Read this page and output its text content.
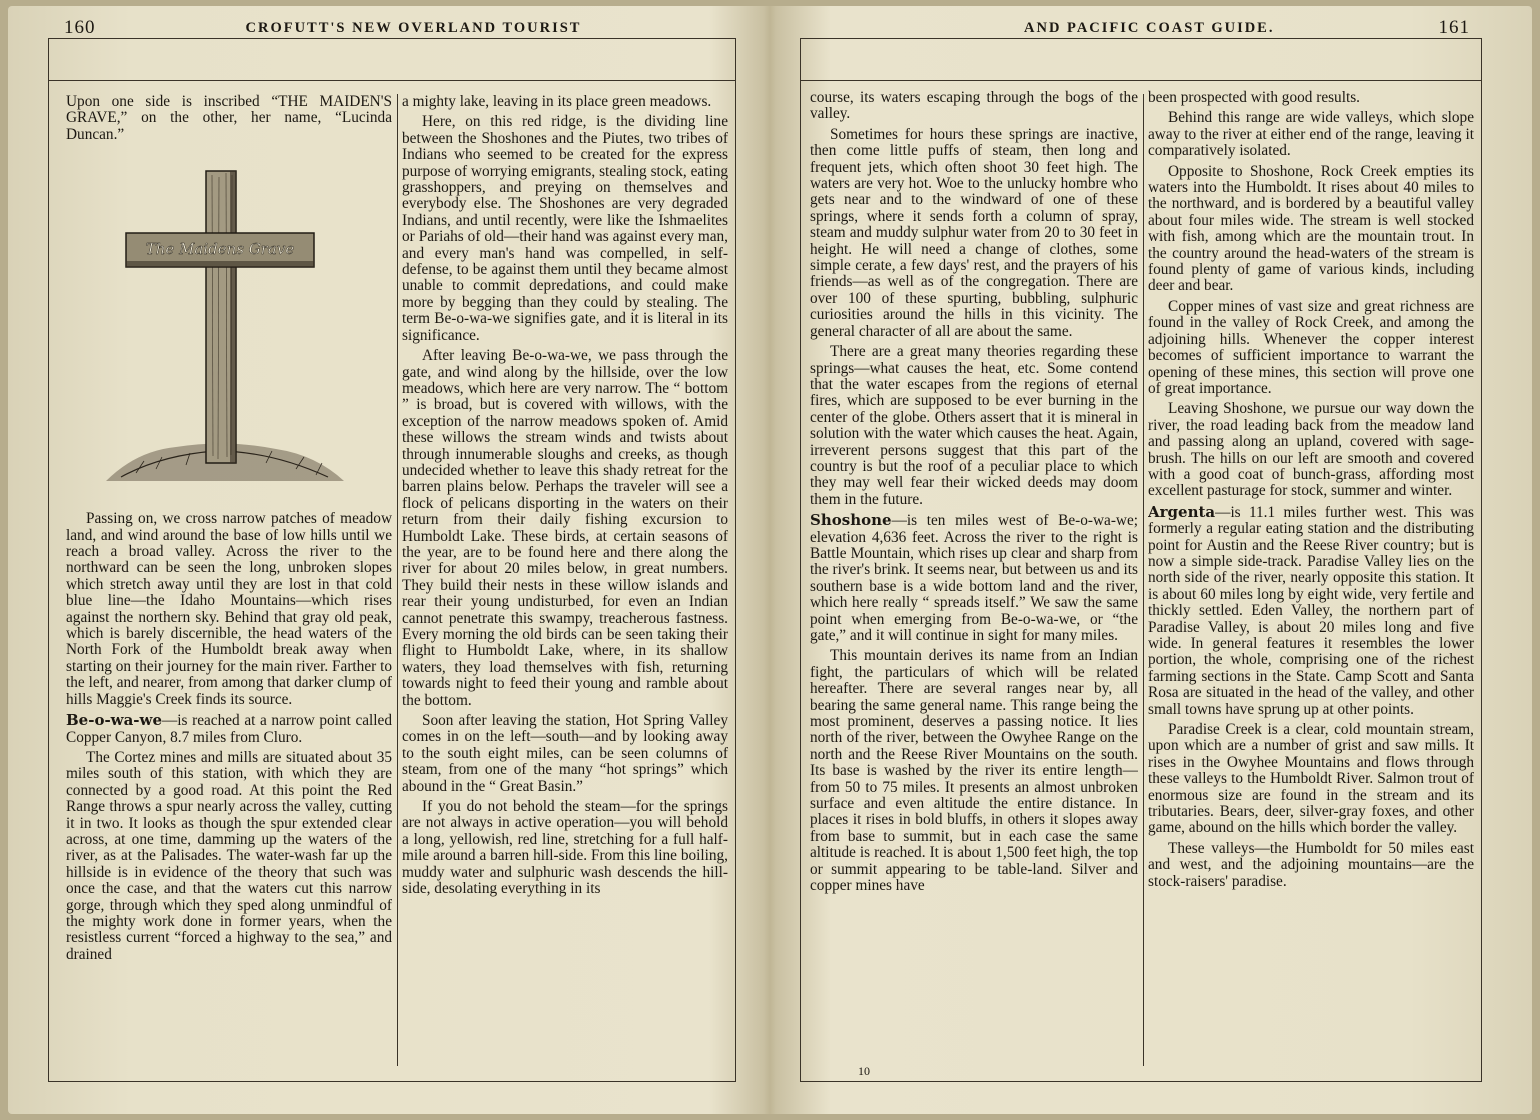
160	CROFUTT'S NEW OVERLAND TOURIST

Upon one side is inscribed “THE MAIDEN'S GRAVE,” on the other, her name, “Lucinda Duncan.”

The Maidens Grave

Passing on, we cross narrow patches of meadow land, and wind around the base of low hills until we reach a broad valley. Across the river to the northward can be seen the long, unbroken slopes which stretch away until they are lost in that cold blue line—the Idaho Mountains—which rises against the northern sky. Behind that gray old peak, which is barely discernible, the head waters of the North Fork of the Humboldt break away when starting on their journey for the main river. Farther to the left, and nearer, from among that darker clump of hills Maggie's Creek finds its source.

Be-o-wa-we—is reached at a narrow point called Copper Canyon, 8.7 miles from Cluro.

The Cortez mines and mills are situated about 35 miles south of this station, with which they are connected by a good road. At this point the Red Range throws a spur nearly across the valley, cutting it in two. It looks as though the spur extended clear across, at one time, damming up the waters of the river, as at the Palisades. The water-wash far up the hillside is in evidence of the theory that such was once the case, and that the waters cut this narrow gorge, through which they sped along unmindful of the mighty work done in former years, when the resistless current “forced a highway to the sea,” and drained

a mighty lake, leaving in its place green meadows.

Here, on this red ridge, is the dividing line between the Shoshones and the Piutes, two tribes of Indians who seemed to be created for the express purpose of worrying emigrants, stealing stock, eating grasshoppers, and preying on themselves and everybody else. The Shoshones are very degraded Indians, and until recently, were like the Ishmaelites or Pariahs of old—their hand was against every man, and every man's hand was compelled, in self-defense, to be against them until they became almost unable to commit depredations, and could make more by begging than they could by stealing. The term Be-o-wa-we signifies gate, and it is literal in its significance.

After leaving Be-o-wa-we, we pass through the gate, and wind along by the hillside, over the low meadows, which here are very narrow. The “ bottom ” is broad, but is covered with willows, with the exception of the narrow meadows spoken of. Amid these willows the stream winds and twists about through innumerable sloughs and creeks, as though undecided whether to leave this shady retreat for the barren plains below. Perhaps the traveler will see a flock of pelicans disporting in the waters on their return from their daily fishing excursion to Humboldt Lake. These birds, at certain seasons of the year, are to be found here and there along the river for about 20 miles below, in great numbers. They build their nests in these willow islands and rear their young undisturbed, for even an Indian cannot penetrate this swampy, treacherous fastness. Every morning the old birds can be seen taking their flight to Humboldt Lake, where, in its shallow waters, they load themselves with fish, returning towards night to feed their young and ramble about the bottom.

Soon after leaving the station, Hot Spring Valley comes in on the left—south—and by looking away to the south eight miles, can be seen columns of steam, from one of the many “hot springs” which abound in the “ Great Basin.”

If you do not behold the steam—for the springs are not always in active operation—you will behold a long, yellowish, red line, stretching for a full half-mile around a barren hill-side. From this line boiling, muddy water and sulphuric wash descends the hill-side, desolating everything in its

AND PACIFIC COAST GUIDE.	161

course, its waters escaping through the bogs of the valley.

Sometimes for hours these springs are inactive, then come little puffs of steam, then long and frequent jets, which often shoot 30 feet high. The waters are very hot. Woe to the unlucky hombre who gets near and to the windward of one of these springs, where it sends forth a column of spray, steam and muddy sulphur water from 20 to 30 feet in height. He will need a change of clothes, some simple cerate, a few days' rest, and the prayers of his friends—as well as of the congregation. There are over 100 of these spurting, bubbling, sulphuric curiosities around the hills in this vicinity. The general character of all are about the same.

There are a great many theories regarding these springs—what causes the heat, etc. Some contend that the water escapes from the regions of eternal fires, which are supposed to be ever burning in the center of the globe. Others assert that it is mineral in solution with the water which causes the heat. Again, irreverent persons suggest that this part of the country is but the roof of a peculiar place to which they may well fear their wicked deeds may doom them in the future.

Shoshone—is ten miles west of Be-o-wa-we; elevation 4,636 feet. Across the river to the right is Battle Mountain, which rises up clear and sharp from the river's brink. It seems near, but between us and its southern base is a wide bottom land and the river, which here really “ spreads itself.” We saw the same point when emerging from Be-o-wa-we, or “the gate,” and it will continue in sight for many miles.

This mountain derives its name from an Indian fight, the particulars of which will be related hereafter. There are several ranges near by, all bearing the same general name. This range being the most prominent, deserves a passing notice. It lies north of the river, between the Owyhee Range on the north and the Reese River Mountains on the south. Its base is washed by the river its entire length—from 50 to 75 miles. It presents an almost unbroken surface and even altitude the entire distance. In places it rises in bold bluffs, in others it slopes away from base to summit, but in each case the same altitude is reached. It is about 1,500 feet high, the top or summit appearing to be table-land. Silver and copper mines have

been prospected with good results.

Behind this range are wide valleys, which slope away to the river at either end of the range, leaving it comparatively isolated.

Opposite to Shoshone, Rock Creek empties its waters into the Humboldt. It rises about 40 miles to the northward, and is bordered by a beautiful valley about four miles wide. The stream is well stocked with fish, among which are the mountain trout. In the country around the head-waters of the stream is found plenty of game of various kinds, including deer and bear.

Copper mines of vast size and great richness are found in the valley of Rock Creek, and among the adjoining hills. Whenever the copper interest becomes of sufficient importance to warrant the opening of these mines, this section will prove one of great importance.

Leaving Shoshone, we pursue our way down the river, the road leading back from the meadow land and passing along an upland, covered with sage-brush. The hills on our left are smooth and covered with a good coat of bunch-grass, affording most excellent pasturage for stock, summer and winter.

Argenta—is 11.1 miles further west. This was formerly a regular eating station and the distributing point for Austin and the Reese River country; but is now a simple side-track. Paradise Valley lies on the north side of the river, nearly opposite this station. It is about 60 miles long by eight wide, very fertile and thickly settled. Eden Valley, the northern part of Paradise Valley, is about 20 miles long and five wide. In general features it resembles the lower portion, the whole, comprising one of the richest farming sections in the State. Camp Scott and Santa Rosa are situated in the head of the valley, and other small towns have sprung up at other points.

Paradise Creek is a clear, cold mountain stream, upon which are a number of grist and saw mills. It rises in the Owyhee Mountains and flows through these valleys to the Humboldt River. Salmon trout of enormous size are found in the stream and its tributaries. Bears, deer, silver-gray foxes, and other game, abound on the hills which border the valley.

These valleys—the Humboldt for 50 miles east and west, and the adjoining mountains—are the stock-raisers' paradise.

10
